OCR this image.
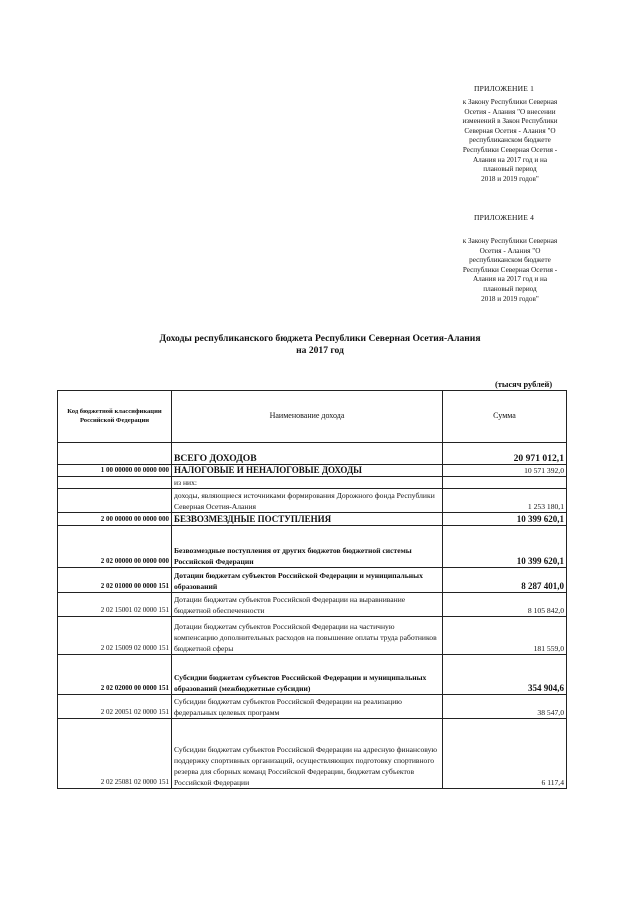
ПРИЛОЖЕНИЕ 1
к Закону Республики Северная
Осетия - Алания "О внесении
изменений в Закон Республики
Северная Осетия - Алания "О
республиканском бюджете
Республики Северная Осетия -
Алания на 2017 год и на
плановый период
2018 и 2019 годов"
ПРИЛОЖЕНИЕ 4
к Закону Республики Северная
Осетия - Алания "О
республиканском бюджете
Республики Северная Осетия -
Алания на 2017 год и на
плановый период
2018 и 2019 годов"
Доходы республиканского бюджета Республики Северная Осетия-Алания
на 2017 год
(тысяч рублей)
Код бюджетной классификации Российской Федерации	Наименование дохода	Сумма
	ВСЕГО ДОХОДОВ	20 971 012,1
1 00 00000 00 0000 000	НАЛОГОВЫЕ И НЕНАЛОГОВЫЕ ДОХОДЫ	10 571 392,0
	из них:	
	доходы, являющиеся источниками формирования Дорожного фонда Республики Северная Осетия-Алания	1 253 180,1
2 00 00000 00 0000 000	БЕЗВОЗМЕЗДНЫЕ ПОСТУПЛЕНИЯ	10 399 620,1
2 02 00000 00 0000 000	Безвозмездные поступления от других бюджетов бюджетной системы Российской Федерации	10 399 620,1
2 02 01000 00 0000 151	Дотации бюджетам субъектов Российской Федерации и муниципальных образований	8 287 401,0
2 02 15001 02 0000 151	Дотации бюджетам субъектов Российской Федерации на выравнивание бюджетной обеспеченности	8 105 842,0
2 02 15009 02 0000 151	Дотации бюджетам субъектов Российской Федерации на частичную компенсацию дополнительных расходов на повышение оплаты труда работников бюджетной сферы	181 559,0
2 02 02000 00 0000 151	Субсидии бюджетам субъектов Российской Федерации и муниципальных образований (межбюджетные субсидии)	354 904,6
2 02 20051 02 0000 151	Субсидии бюджетам субъектов Российской Федерации на реализацию федеральных целевых программ	38 547,0
2 02 25081 02 0000 151	Субсидии бюджетам субъектов Российской Федерации на адресную финансовую поддержку спортивных организаций, осуществляющих подготовку спортивного резерва для сборных команд Российской Федерации, бюджетам субъектов Российской Федерации	6 117,4
